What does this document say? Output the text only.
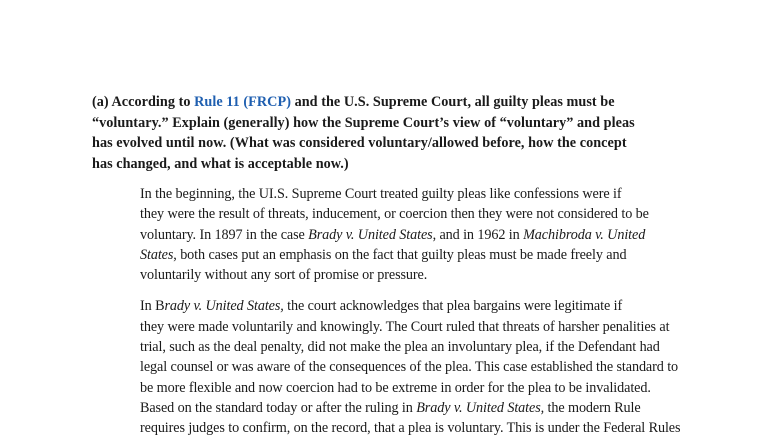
(a) According to Rule 11 (FRCP) and the U.S. Supreme Court, all guilty pleas must be
“voluntary.” Explain (generally) how the Supreme Court’s view of “voluntary” and pleas
has evolved until now. (What was considered voluntary/allowed before, how the concept
has changed, and what is acceptable now.)

In the beginning, the UI.S. Supreme Court treated guilty pleas like confessions were if
they were the result of threats, inducement, or coercion then they were not considered to be
voluntary. In 1897 in the case Brady v. United States, and in 1962 in Machibroda v. United
States, both cases put an emphasis on the fact that guilty pleas must be made freely and
voluntarily without any sort of promise or pressure.

In Brady v. United States, the court acknowledges that plea bargains were legitimate if
they were made voluntarily and knowingly. The Court ruled that threats of harsher penalities at
trial, such as the deal penalty, did not make the plea an involuntary plea, if the Defendant had
legal counsel or was aware of the consequences of the plea. This case established the standard to
be more flexible and now coercion had to be extreme in order for the plea to be invalidated.
Based on the standard today or after the ruling in Brady v. United States, the modern Rule
requires judges to confirm, on the record, that a plea is voluntary. This is under the Federal Rules
